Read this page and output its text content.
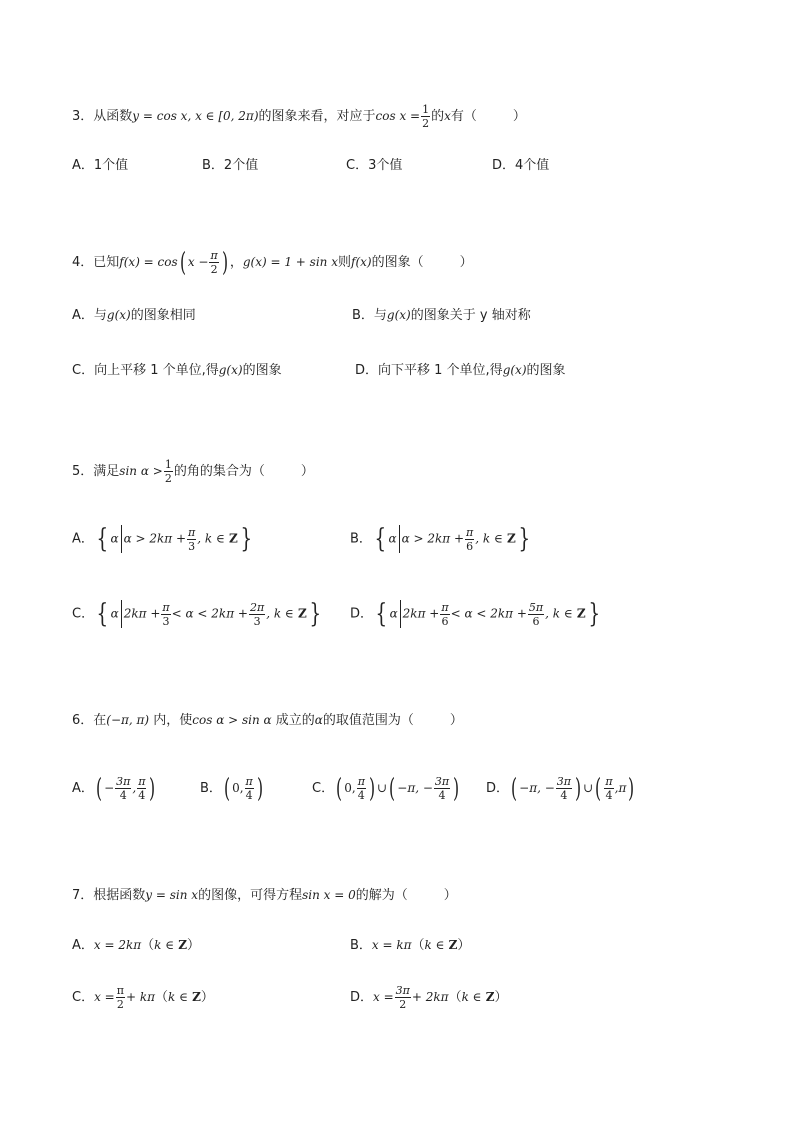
3．从函数y = cos x, x ∈ [0, 2π)的图象来看，对应于$\cos x = \frac{1}{2}$ 的x有（	）
A．1个值	B．2个值	C．3个值	D．4个值
4．已知f(x) = cos( $x - \frac{\pi}{2}$ ) ，g(x) = 1 + sin x则f(x)的图象（	）
A．与g(x)的图象相同	B．与g(x)的图象关于 y 轴对称
C．向上平移 1 个单位,得g(x)的图象	D．向下平移 1 个单位,得g(x)的图象
5．满足$\sin \alpha > \frac{1}{2}$ 的角的集合为（	）
A．{ α $\alpha > 2k\pi + \frac{\pi}{3}$ , k ∈ Z}	B．{ α $\alpha > 2k\pi + \frac{\pi}{6}$ , k ∈ Z}
C．{ α $2k\pi + \frac{\pi}{3} < \alpha < 2k\pi + \frac{2\pi}{3}$ , k ∈ Z} D．{ α $2k\pi + \frac{\pi}{6} < \alpha < 2k\pi + \frac{5\pi}{6}$ , k ∈ Z}
6．在(−π, π) 内，使cos α > sin α 成立的α的取值范围为（	）
A．( − $\frac{3\pi}{4}$ , $\frac{\pi}{4}$ )	B．( 0, $\frac{\pi}{4}$ )	C．( 0, $\frac{\pi}{4}$ ) ∪( −π, − $\frac{3\pi}{4}$ ) D．( −π, − $\frac{3\pi}{4}$ ) ∪( $\frac{\pi}{4} ,\pi$)
7．根据函数y = sin x的图像，可得方程sin x = 0的解为（	）
A．x = 2kπ（k ∈ Z）	B．x = kπ（k ∈ Z）
C．$x = \frac{\pi}{2} + k\pi(k$ ∈ Z）	D．$x = \frac{3\pi}{2} + 2k\pi(k$ ∈ Z）
